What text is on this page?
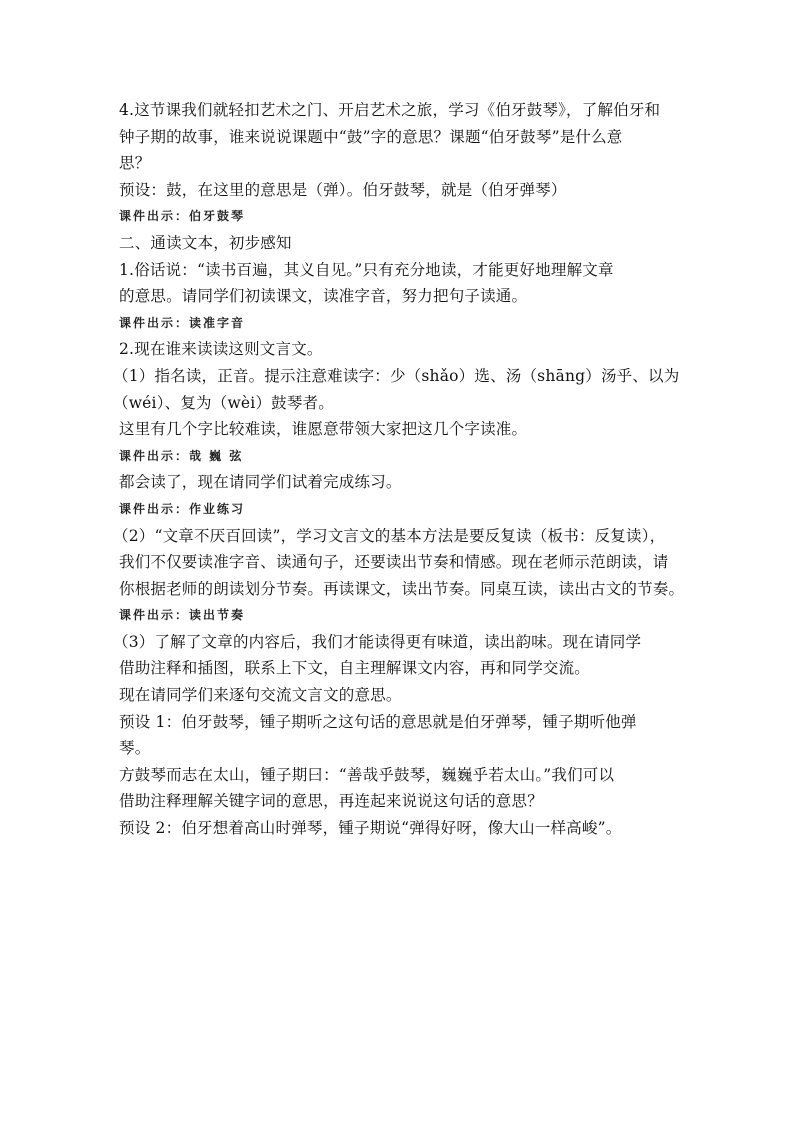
4.这节课我们就轻扣艺术之门、开启艺术之旅，学习《伯牙鼓琴》，了解伯牙和
钟子期的故事，谁来说说课题中“鼓”字的意思？课题“伯牙鼓琴”是什么意
思？
预设：鼓，在这里的意思是（弹）。伯牙鼓琴，就是（伯牙弹琴）
课件出示：伯牙鼓琴
二、通读文本，初步感知
1.俗话说：“读书百遍，其义自见。”只有充分地读，才能更好地理解文章
的意思。请同学们初读课文，读准字音，努力把句子读通。
课件出示：读准字音
2.现在谁来读读这则文言文。
（1）指名读，正音。提示注意难读字：少（shǎo）选、汤（shāng）汤乎、以为
（wéi）、复为（wèi）鼓琴者。
这里有几个字比较难读，谁愿意带领大家把这几个字读准。
课件出示：哉 巍 弦
都会读了，现在请同学们试着完成练习。
课件出示：作业练习
（2）“文章不厌百回读”，学习文言文的基本方法是要反复读（板书：反复读），
我们不仅要读准字音、读通句子，还要读出节奏和情感。现在老师示范朗读，请
你根据老师的朗读划分节奏。再读课文，读出节奏。同桌互读，读出古文的节奏。
课件出示：读出节奏
（3）了解了文章的内容后，我们才能读得更有味道，读出韵味。现在请同学
借助注释和插图，联系上下文，自主理解课文内容，再和同学交流。
现在请同学们来逐句交流文言文的意思。
预设 1：伯牙鼓琴，锺子期听之这句话的意思就是伯牙弹琴，锺子期听他弹
琴。
方鼓琴而志在太山，锺子期曰：“善哉乎鼓琴，巍巍乎若太山。”我们可以
借助注释理解关键字词的意思，再连起来说说这句话的意思？
预设 2：伯牙想着高山时弹琴，锺子期说“弹得好呀，像大山一样高峻”。
